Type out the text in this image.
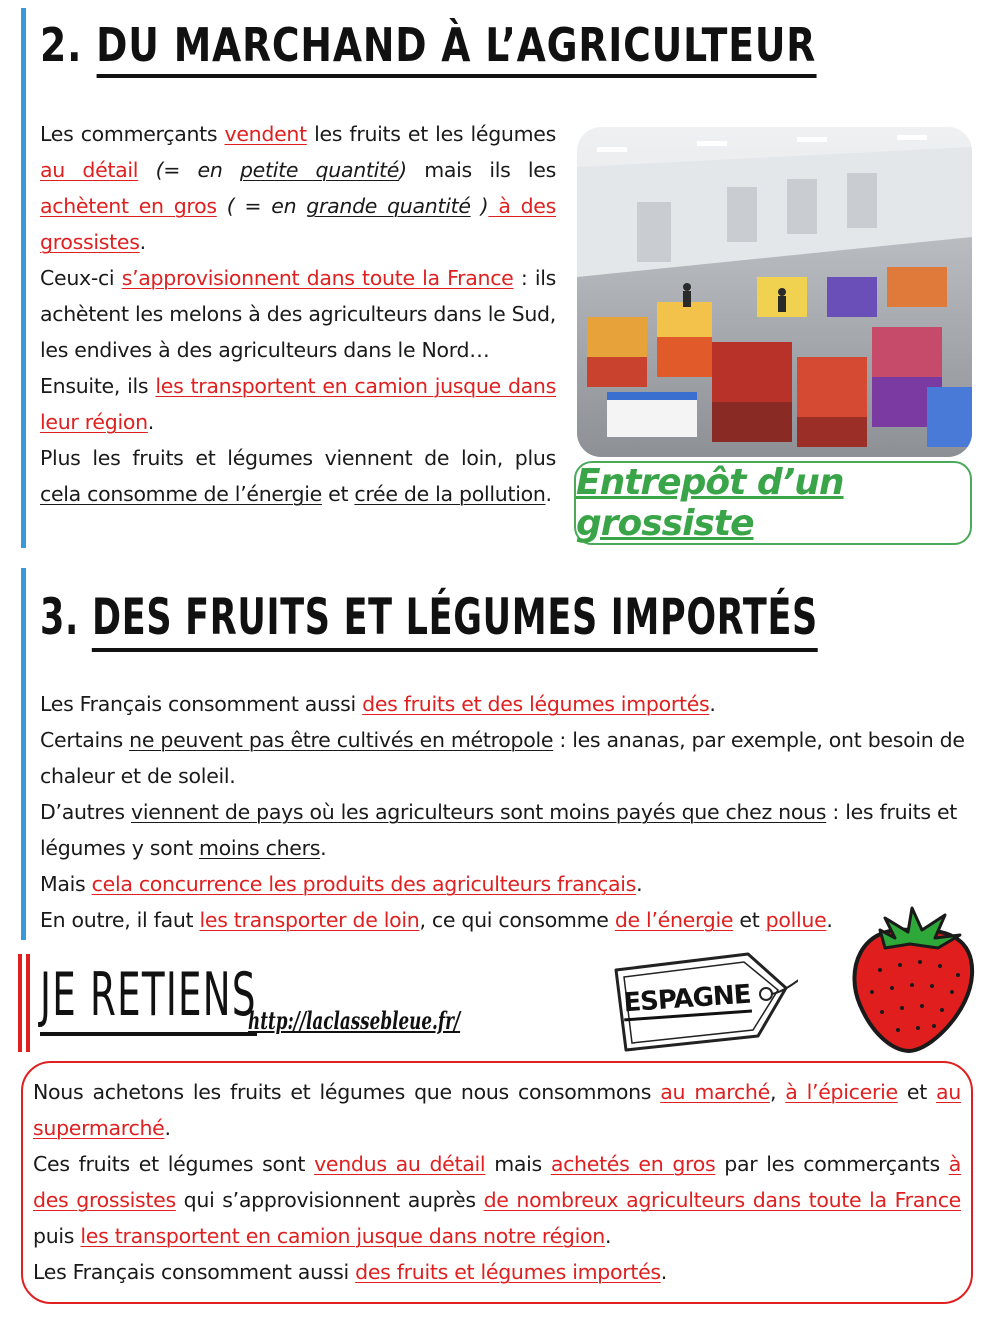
2. DU MARCHAND À L’AGRICULTEUR

Les commerçants vendent les fruits et les légumes au détail (= en petite quantité) mais ils les achètent en gros ( = en grande quantité ) à des grossistes.

Ceux-ci s’approvisionnent dans toute la France : ils achètent les melons à des agriculteurs dans le Sud, les endives à des agriculteurs dans le Nord…

Ensuite, ils les transportent en camion jusque dans leur région.

Plus les fruits et légumes viennent de loin, plus cela consomme de l’énergie et crée de la pollution. Entrepôt d’un grossiste
3. DES FRUITS ET LÉGUMES IMPORTÉS

Les Français consomment aussi des fruits et des légumes importés.

Certains ne peuvent pas être cultivés en métropole : les ananas, par exemple, ont besoin de chaleur et de soleil.

D’autres viennent de pays où les agriculteurs sont moins payés que chez nous : les fruits et légumes y sont moins chers.

Mais cela concurrence les produits des agriculteurs français.

En outre, il faut les transporter de loin, ce qui consomme de l’énergie et pollue.

ESPAGNE
JE RETIENS
http://laclassebleue.fr/

Nous achetons les fruits et légumes que nous consommons au marché, à l’épicerie et au supermarché.

Ces fruits et légumes sont vendus au détail mais achetés en gros par les commerçants à des grossistes qui s’approvisionnent auprès de nombreux agriculteurs dans toute la France puis les transportent en camion jusque dans notre région.

Les Français consomment aussi des fruits et légumes importés.
